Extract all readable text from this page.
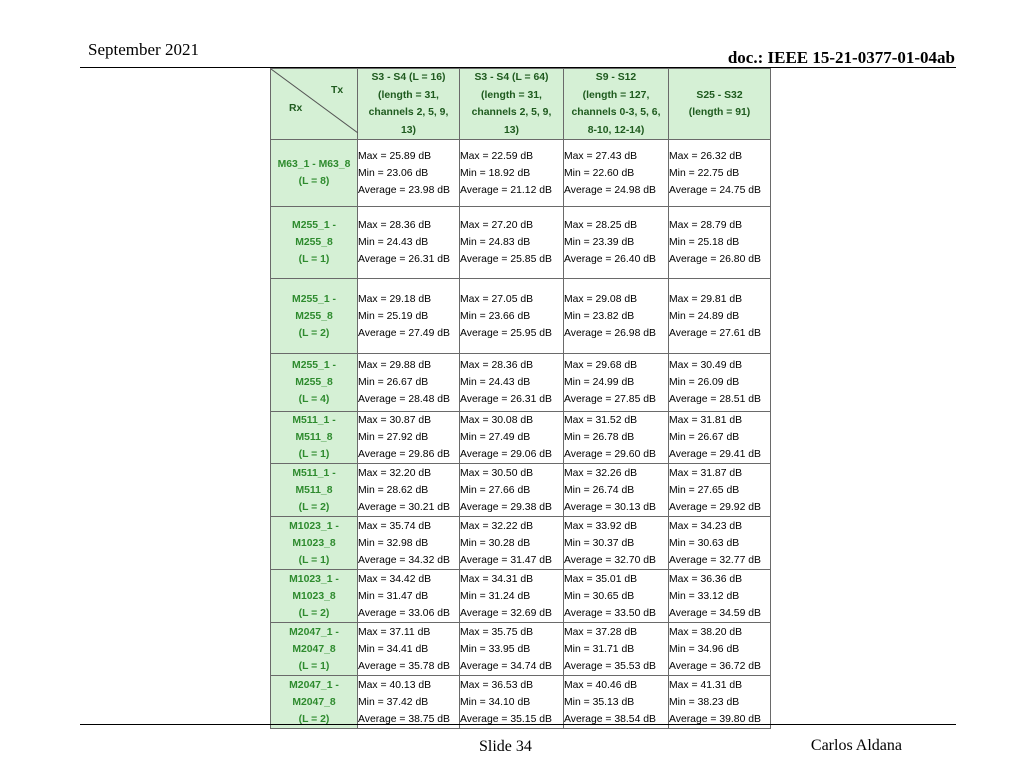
September 2021	doc.: IEEE 15-21-0377-01-04ab
Tx
Rx	S3 - S4 (L = 16)
(length = 31,
channels 2, 5, 9,
13)	S3 - S4 (L = 64)
(length = 31,
channels 2, 5, 9,
13)	S9 - S12
(length = 127,
channels 0-3, 5, 6,
8-10, 12-14)	S25 - S32
(length = 91)

M63_1 - M63_8
(L = 8)	Max = 25.89 dB
Min = 23.06 dB
Average = 23.98 dB	Max = 22.59 dB
Min = 18.92 dB
Average = 21.12 dB	Max = 27.43 dB
Min = 22.60 dB
Average = 24.98 dB	Max = 26.32 dB
Min = 22.75 dB
Average = 24.75 dB

M255_1 -
M255_8
(L = 1)	Max = 28.36 dB
Min = 24.43 dB
Average = 26.31 dB	Max = 27.20 dB
Min = 24.83 dB
Average = 25.85 dB	Max = 28.25 dB
Min = 23.39 dB
Average = 26.40 dB	Max = 28.79 dB
Min = 25.18 dB
Average = 26.80 dB

M255_1 -
M255_8
(L = 2)	Max = 29.18 dB
Min = 25.19 dB
Average = 27.49 dB	Max = 27.05 dB
Min = 23.66 dB
Average = 25.95 dB	Max = 29.08 dB
Min = 23.82 dB
Average = 26.98 dB	Max = 29.81 dB
Min = 24.89 dB
Average = 27.61 dB

M255_1 -
M255_8
(L = 4)	Max = 29.88 dB
Min = 26.67 dB
Average = 28.48 dB	Max = 28.36 dB
Min = 24.43 dB
Average = 26.31 dB	Max = 29.68 dB
Min = 24.99 dB
Average = 27.85 dB	Max = 30.49 dB
Min = 26.09 dB
Average = 28.51 dB

M511_1 -
M511_8
(L = 1)	Max = 30.87 dB
Min = 27.92 dB
Average = 29.86 dB	Max = 30.08 dB
Min = 27.49 dB
Average = 29.06 dB	Max = 31.52 dB
Min = 26.78 dB
Average = 29.60 dB	Max = 31.81 dB
Min = 26.67 dB
Average = 29.41 dB

M511_1 -
M511_8
(L = 2)	Max = 32.20 dB
Min = 28.62 dB
Average = 30.21 dB	Max = 30.50 dB
Min = 27.66 dB
Average = 29.38 dB	Max = 32.26 dB
Min = 26.74 dB
Average = 30.13 dB	Max = 31.87 dB
Min = 27.65 dB
Average = 29.92 dB

M1023_1 -
M1023_8
(L = 1)	Max = 35.74 dB
Min = 32.98 dB
Average = 34.32 dB	Max = 32.22 dB
Min = 30.28 dB
Average = 31.47 dB	Max = 33.92 dB
Min = 30.37 dB
Average = 32.70 dB	Max = 34.23 dB
Min = 30.63 dB
Average = 32.77 dB

M1023_1 -
M1023_8
(L = 2)	Max = 34.42 dB
Min = 31.47 dB
Average = 33.06 dB	Max = 34.31 dB
Min = 31.24 dB
Average = 32.69 dB	Max = 35.01 dB
Min = 30.65 dB
Average = 33.50 dB	Max = 36.36 dB
Min = 33.12 dB
Average = 34.59 dB

M2047_1 -
M2047_8
(L = 1)	Max = 37.11 dB
Min = 34.41 dB
Average = 35.78 dB	Max = 35.75 dB
Min = 33.95 dB
Average = 34.74 dB	Max = 37.28 dB
Min = 31.71 dB
Average = 35.53 dB	Max = 38.20 dB
Min = 34.96 dB
Average = 36.72 dB

M2047_1 -
M2047_8
(L = 2)	Max = 40.13 dB
Min = 37.42 dB
Average = 38.75 dB	Max = 36.53 dB
Min = 34.10 dB
Average = 35.15 dB	Max = 40.46 dB
Min = 35.13 dB
Average = 38.54 dB	Max = 41.31 dB
Min = 38.23 dB
Average = 39.80 dB
Slide 34	Carlos Aldana
